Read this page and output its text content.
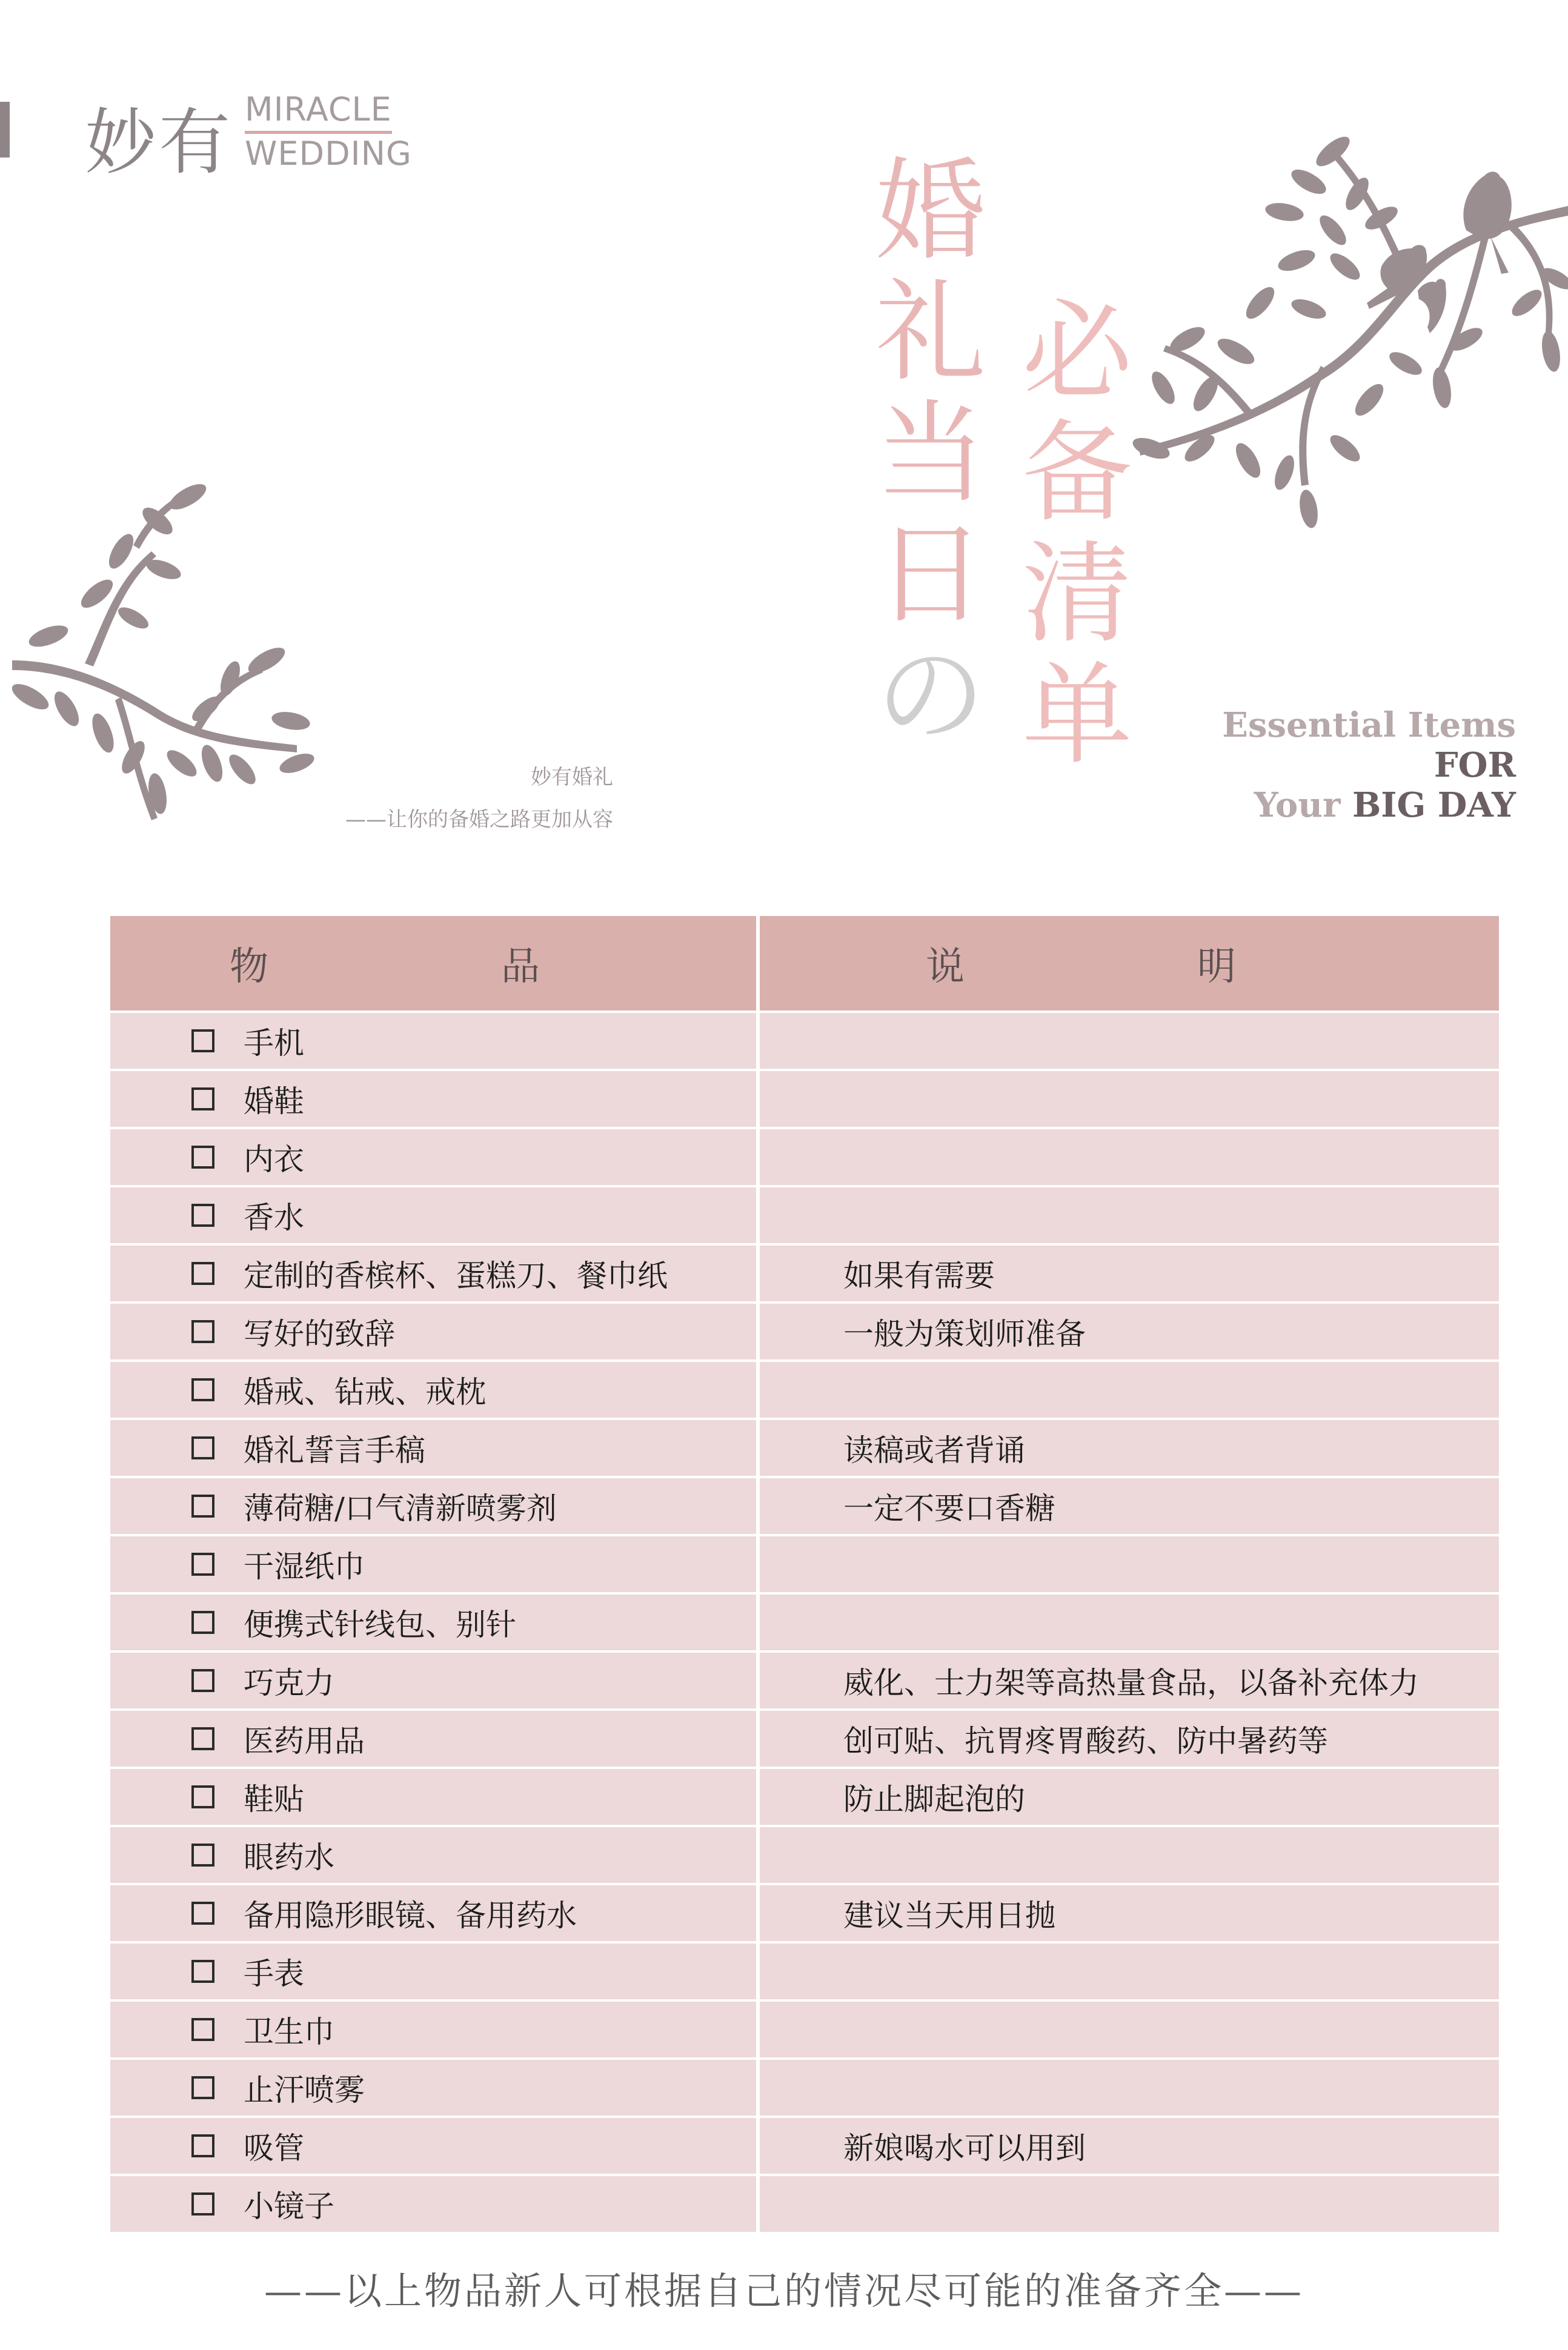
妙有 MIRACLE
WEDDING	婚
礼
当
日
の
必
备
清
单	Essential Items
FOR
Your BIG DAY
妙有婚礼
——让你的备婚之路更加从容
物　品	说　明
手机
婚鞋
内衣
香水
定制的香槟杯、蛋糕刀、餐巾纸	如果有需要
写好的致辞	一般为策划师准备
婚戒、钻戒、戒枕
婚礼誓言手稿	读稿或者背诵
薄荷糖/口气清新喷雾剂	一定不要口香糖
干湿纸巾
便携式针线包、别针
巧克力	威化、士力架等高热量食品，以备补充体力
医药用品	创可贴、抗胃疼胃酸药、防中暑药等
鞋贴	防止脚起泡的
眼药水
备用隐形眼镜、备用药水	建议当天用日抛
手表
卫生巾
止汗喷雾
吸管	新娘喝水可以用到
小镜子
——以上物品新人可根据自己的情况尽可能的准备齐全——
